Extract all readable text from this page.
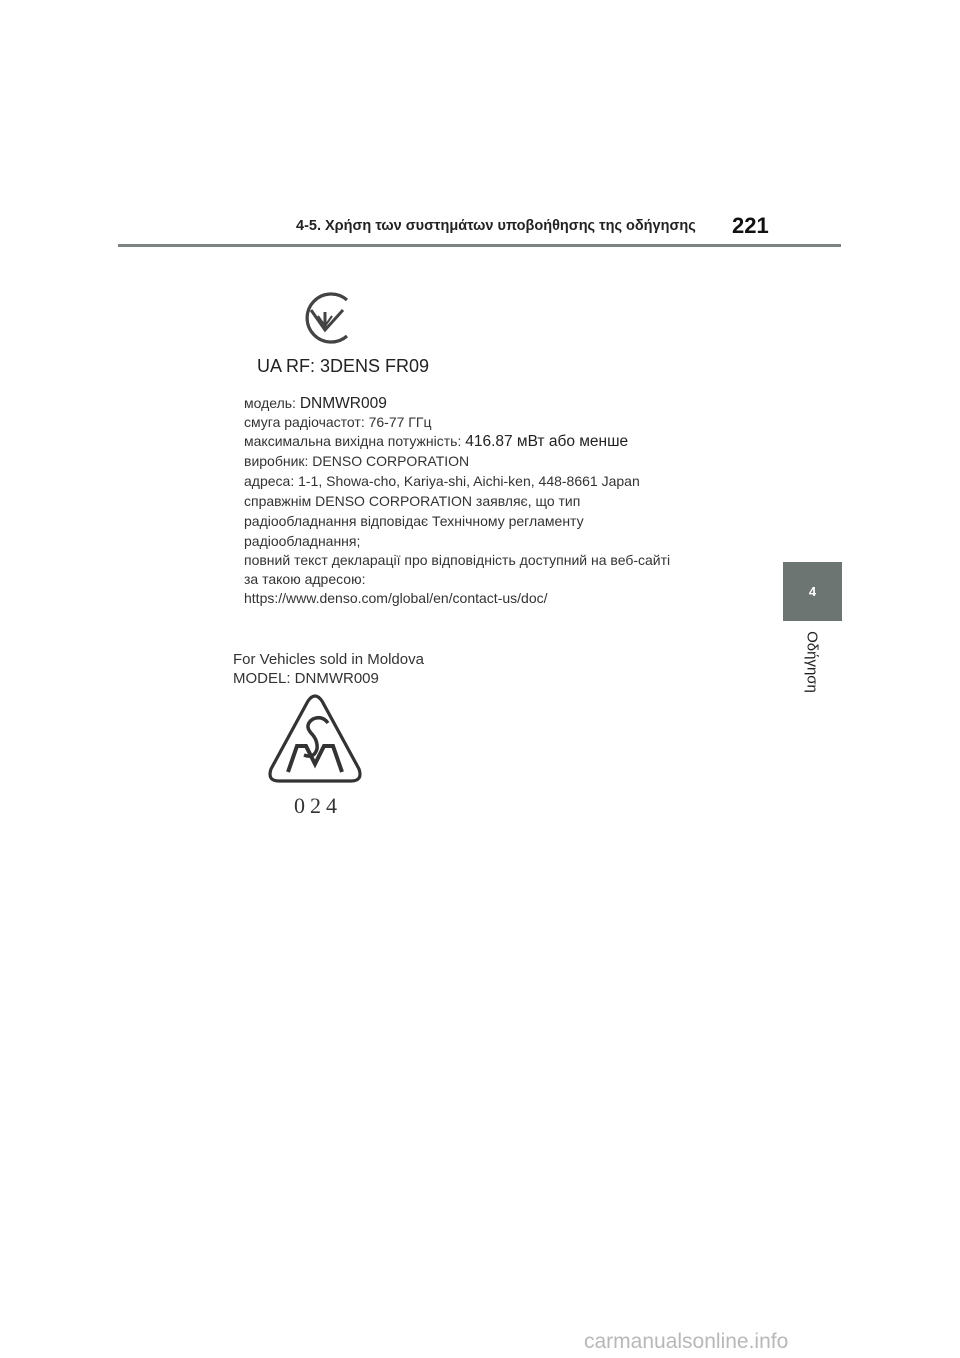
4-5. Χρήση των συστημάτων υποβοήθησης της οδήγησης 221
4
Οδήγηση
UA RF: 3DENS FR09
модель: DNMWR009
смуга радіочастот: 76-77 ГГц
максимальна вихідна потужність: 416.87 мВт або менше
виробник: DENSO CORPORATION
адреса: 1-1, Showa-cho, Kariya-shi, Aichi-ken, 448-8661 Japan
справжнім DENSO CORPORATION заявляє, що тип
радіообладнання відповідає Технічному регламенту
радіообладнання;
повний текст декларації про відповідність доступний на веб-сайті
за такою адресою:
https://www.denso.com/global/en/contact-us/doc/
For Vehicles sold in Moldova
MODEL: DNMWR009
024
carmanualsonline.info
